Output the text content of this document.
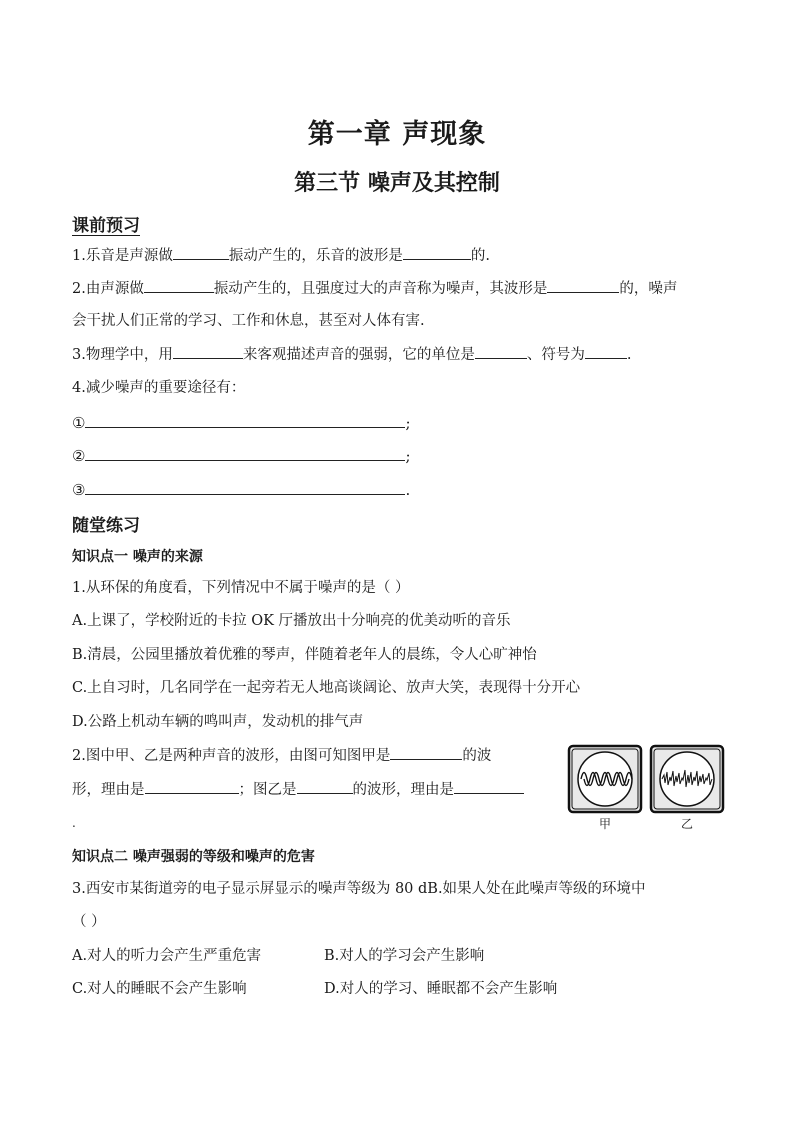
第一章 声现象
第三节 噪声及其控制
课前预习
1.乐音是声源做	振动产生的，乐音的波形是	的.
2.由声源做	振动产生的，且强度过大的声音称为噪声，其波形是	的，噪声
会干扰人们正常的学习、工作和休息，甚至对人体有害.
3.物理学中，用	来客观描述声音的强弱，它的单位是	、符号为	.
4.减少噪声的重要途径有：
①	;
②	;
③	.
随堂练习
知识点一 噪声的来源
1.从环保的角度看，下列情况中不属于噪声的是（ ）
A.上课了，学校附近的卡拉 OK 厅播放出十分响亮的优美动听的音乐
B.清晨，公园里播放着优雅的琴声，伴随着老年人的晨练，令人心旷神怡
C.上自习时，几名同学在一起旁若无人地高谈阔论、放声大笑，表现得十分开心
D.公路上机动车辆的鸣叫声，发动机的排气声
2.图中甲、乙是两种声音的波形，由图可知图甲是	的波
形，理由是	；图乙是	的波形，理由是
.	甲	乙
知识点二 噪声强弱的等级和噪声的危害
3.西安市某街道旁的电子显示屏显示的噪声等级为 80 dB.如果人处在此噪声等级的环境中
（ ）
A.对人的听力会产生严重危害	B.对人的学习会产生影响
C.对人的睡眠不会产生影响	D.对人的学习、睡眠都不会产生影响
